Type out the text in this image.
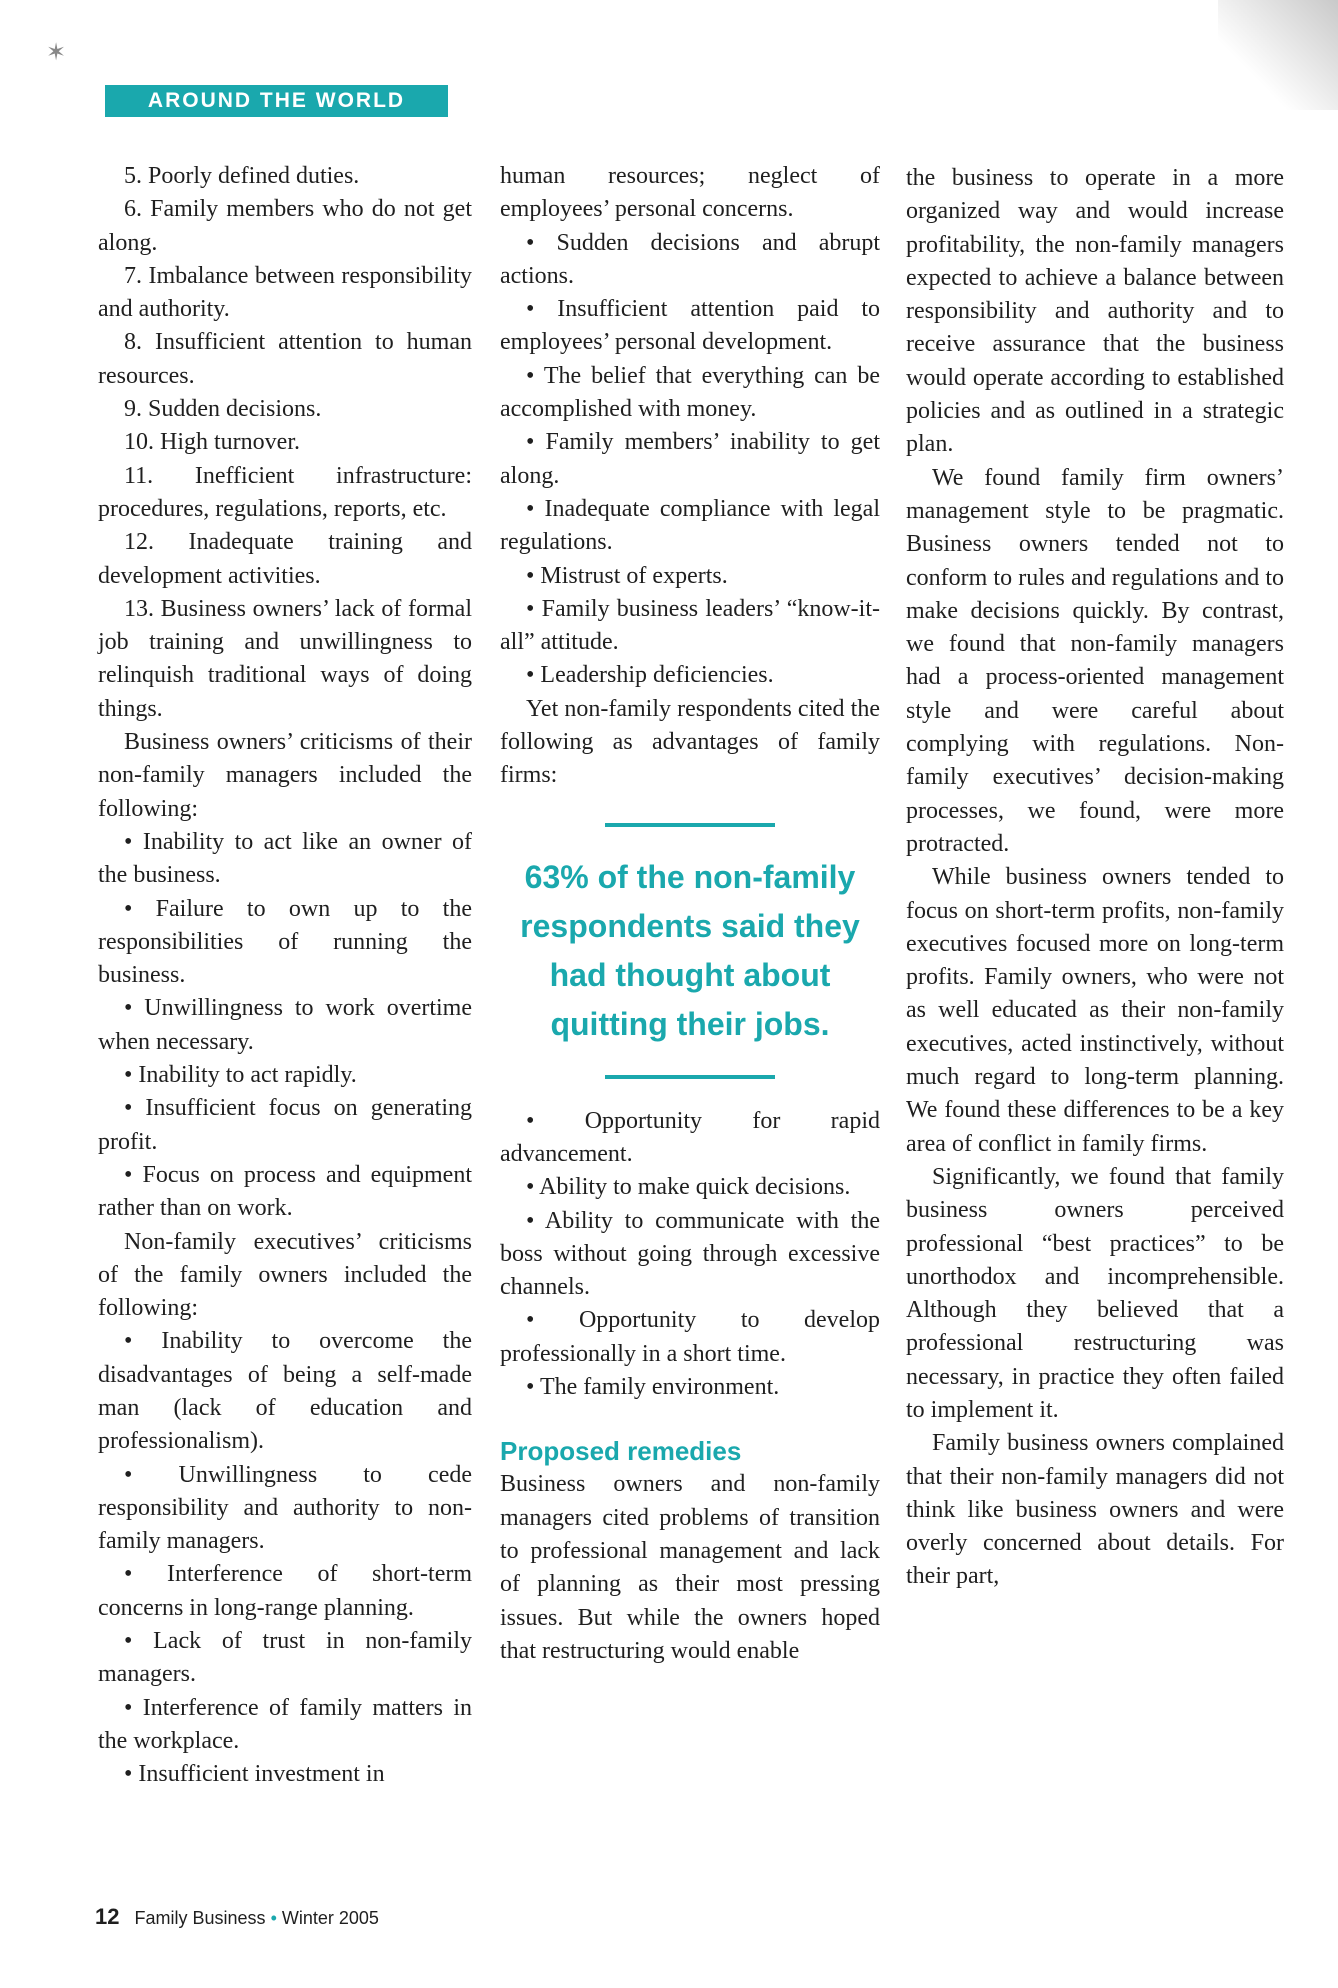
✶
AROUND THE WORLD

5. Poorly defined duties.

6. Family members who do not get along.

7. Imbalance between responsibility and authority.

8. Insufficient attention to human resources.

9. Sudden decisions.

10. High turnover.

11. Inefficient infrastructure: procedures, regulations, reports, etc.

12. Inadequate training and development activities.

13. Business owners’ lack of formal job training and unwillingness to relinquish traditional ways of doing things.

Business owners’ criticisms of their non-family managers included the following:

• Inability to act like an owner of the business.

• Failure to own up to the responsibilities of running the business.

• Unwillingness to work overtime when necessary.

• Inability to act rapidly.

• Insufficient focus on generating profit.

• Focus on process and equipment rather than on work.

Non-family executives’ criticisms of the family owners included the following:

• Inability to overcome the disadvantages of being a self-made man (lack of education and professionalism).

• Unwillingness to cede responsibility and authority to non-family managers.

• Interference of short-term concerns in long-range planning.

• Lack of trust in non-family managers.

• Interference of family matters in the workplace.

• Insufficient investment in

human resources; neglect of employees’ personal concerns.

• Sudden decisions and abrupt actions.

• Insufficient attention paid to employees’ personal development.

• The belief that everything can be accomplished with money.

• Family members’ inability to get along.

• Inadequate compliance with legal regulations.

• Mistrust of experts.

• Family business leaders’ “know-it-all” attitude.

• Leadership deficiencies.

Yet non-family respondents cited the following as advantages of family firms:

63% of the non-family respondents said they had thought about quitting their jobs.

• Opportunity for rapid advancement.

• Ability to make quick decisions.

• Ability to communicate with the boss without going through excessive channels.

• Opportunity to develop professionally in a short time.

• The family environment.

Proposed remedies

Business owners and non-family managers cited problems of transition to professional management and lack of planning as their most pressing issues. But while the owners hoped that restructuring would enable

the business to operate in a more organized way and would increase profitability, the non-family managers expected to achieve a balance between responsibility and authority and to receive assurance that the business would operate according to established policies and as outlined in a strategic plan.

We found family firm owners’ management style to be pragmatic. Business owners tended not to conform to rules and regulations and to make decisions quickly. By contrast, we found that non-family managers had a process-oriented management style and were careful about complying with regulations. Non-family executives’ decision-making processes, we found, were more protracted.

While business owners tended to focus on short-term profits, non-family executives focused more on long-term profits. Family owners, who were not as well educated as their non-family executives, acted instinctively, without much regard to long-term planning. We found these differences to be a key area of conflict in family firms.

Significantly, we found that family business owners perceived professional “best practices” to be unorthodox and incomprehensible. Although they believed that a professional restructuring was necessary, in practice they often failed to implement it.

Family business owners complained that their non-family managers did not think like business owners and were overly concerned about details. For their part,

12 Family Business • Winter 2005
